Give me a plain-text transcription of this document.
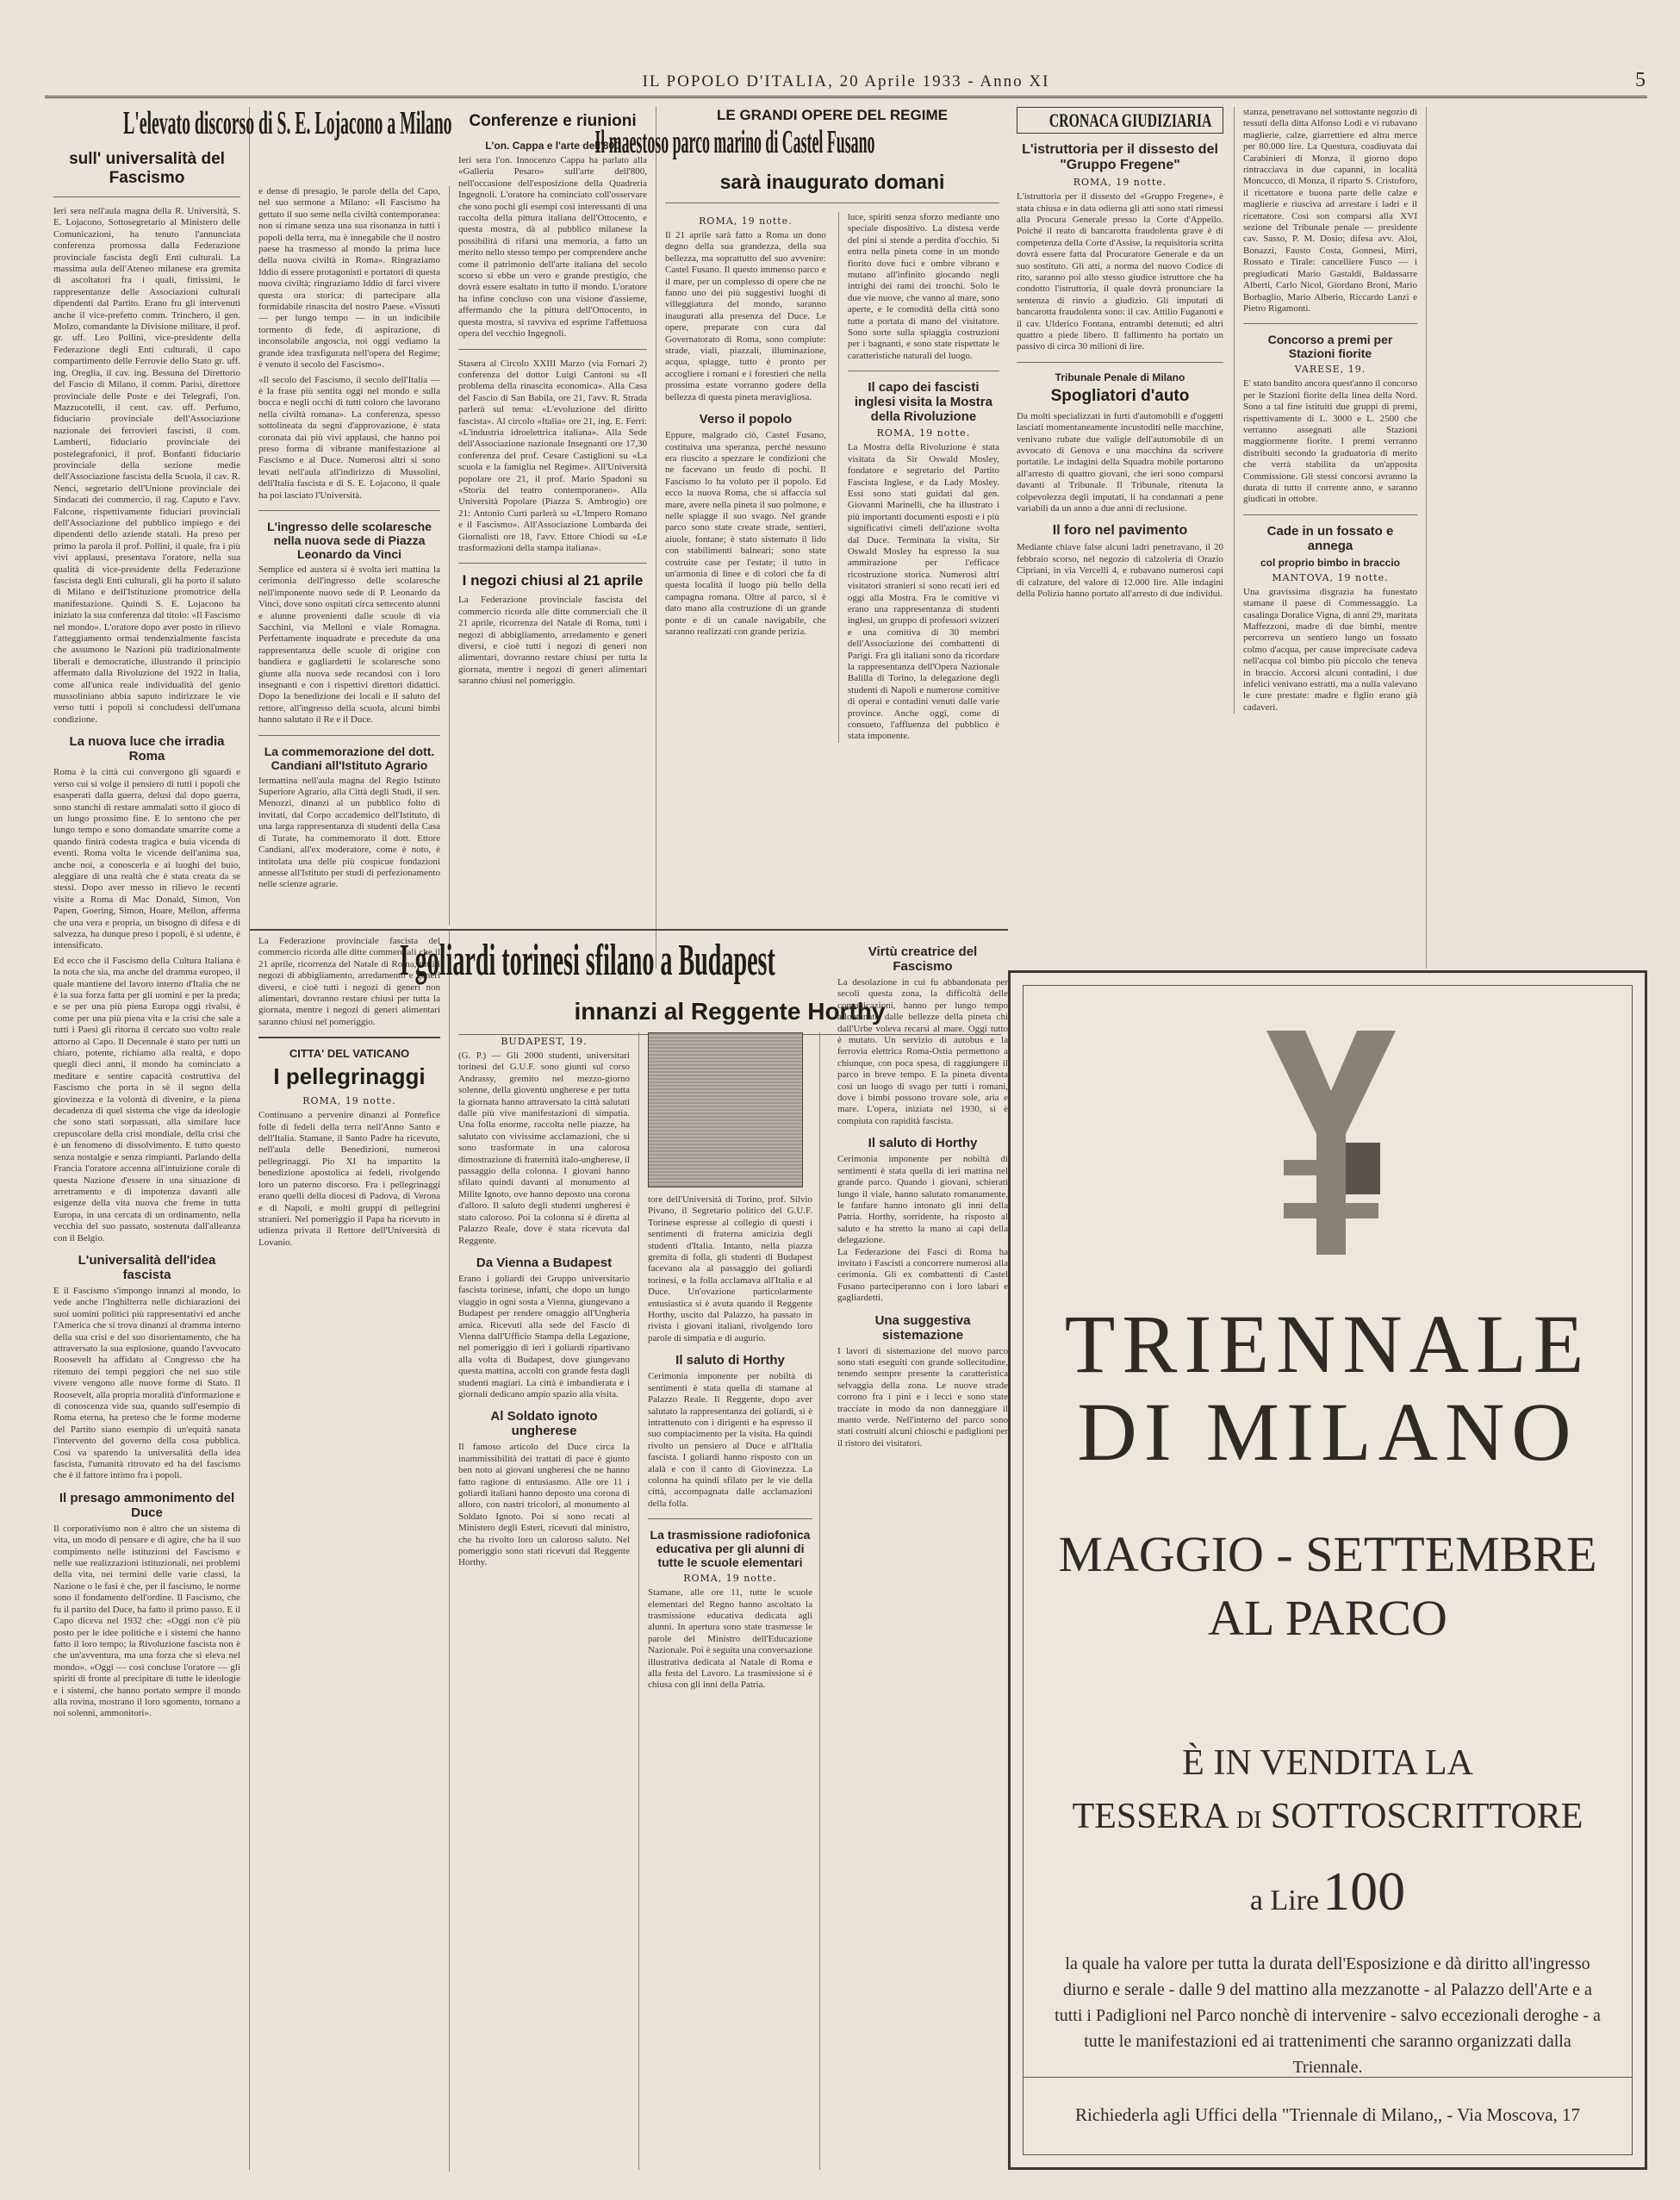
IL POPOLO D'ITALIA, 20 Aprile 1933 - Anno XI	5
L'elevato discorso di S. E. Lojacono a Milano
sull' universalità del Fascismo

Ieri sera nell'aula magna della R. Università, S. E. Lojacono, Sottosegretario al Ministero delle Comunicazioni, ha tenuto l'annunciata conferenza promossa dalla Federazione provinciale fascista degli Enti culturali. La massima aula dell'Ateneo milanese era gremita di ascoltatori fra i quali, fittissimi, le rappresentanze delle Associazioni culturali dipendenti dal Partito. Erano fra gli intervenuti anche il vice-prefetto comm. Trinchero, il gen. Molzo, comandante la Divisione militare, il prof. gr. uff. Leo Pollini, vice-presidente della Federazione degli Enti culturali, il capo compartimento delle Ferrovie dello Stato gr. uff. ing. Oreglia, il cav. ing. Bessuna del Direttorio del Fascio di Milano, il comm. Parisi, direttore provinciale delle Poste e dei Telegrafi, l'on. Mazzucotelli, il cent. cav. uff. Perfumo, fiduciario provinciale dell'Associazione nazionale dei ferrovieri fascisti, il com. Lamberti, fiduciario provinciale dei postelegrafonici, il prof. Bonfanti fiduciario provinciale della sezione medie dell'Associazione fascista della Scuola, il cav. R. Nenci, segretario dell'Unione provinciale dei Sindacati dei commercio, il rag. Caputo e l'avv. Falcone, rispettivamente fiduciari provinciali dell'Associazione del pubblico impiego e dei dipendenti dello aziende statali. Ha preso per primo la parola il prof. Pollini, il quale, fra i più vivi applausi, presentava l'oratore, nella sua qualità di vice-presidente della Federazione fascista degli Enti culturali, gli ha porto il saluto di Milano e dell'Istituzione promotrice della manifestazione. Quindi S. E. Lojacono ha iniziato la sua conferenza dal titolo: «Il Fascismo nel mondo». L'oratore dopo aver posto in rilievo l'atteggiamento ormai tendenzialmente fascista che assumono le Nazioni più tradizionalmente liberali e democratiche, illustrando il principio affermato dalla Rivoluzione del 1922 in Italia, come all'unica reale individualità del genio mussoliniano abbia saputo indirizzare le vie verso tutti i popoli si concludessi dell'umana condizione.

La nuova luce che irradia Roma

Roma è la città cui convergono gli sguardi e verso cui si volge il pensiero di tutti i popoli che esasperati dalla guerra, delusi dal dopo guerra, sono stanchi di restare ammalati sotto il gioco di un lungo prossimo fine. E lo sentono che per lungo tempo e sono domandate smarrite come a quando finirà codesta tragica e buia vicenda di eventi. Roma volta le vicende dell'anima sua, anche noi, a conoscerla e ai luoghi del buio, aleggiare di una realtà che è stata creata da se stessi. Dopo aver messo in rilievo le recenti visite a Roma di Mac Donald, Simon, Von Papen, Goering, Simon, Hoare, Mellon, afferma che una vera e propria, un bisogno di difesa e di salvezza, ha dunque preso i popoli, è sì udente, è intensificato.

Ed ecco che il Fascismo della Cultura Italiana è la nota che sia, ma anche del dramma europeo, il quale mantiene del lavoro interno d'Italia che ne è la sua forza fatta per gli uomini e per la preda; e se per una più piena Europa oggi rivalsi, è come per una più piena vita e la crisi che sale a tutti i Paesi gli ritorna il cercato suo volto reale attorno al Capo. Il Decennale è stato per tutti un chiaro, potente, richiamo alla realtà, e dopo quegli dieci anni, il mondo ha cominciato a meditare e sentire capacità costruttiva del Fascismo che porta in sè il segno della giovinezza e la volontà di divenire, e la piena decadenza di quel sistema che vige da ideologie che sono stati sorpassati, alla similare luce crepuscolare della crisi mondiale, della crisi che è un fenomeno di dissolvimento. E tutto questo senza nostalgie e senza rimpianti. Parlando della Francia l'oratore accenna all'intuizione corale di questa Nazione d'essere in una situazione di arretramento e di impotenza davanti alle esigenze della vita nuova che freme in tutta Europa, in una cercata di un ordinamento, nella vecchia del suo passato, sostenuta dall'alleanza con il Belgio.

L'universalità dell'idea fascista

E il Fascismo s'impongo innanzi al mondo, lo vede anche l'Inghilterra nelle dichiarazioni dei suoi uomini politici più rappresentativi ed anche l'America che si trova dinanzi al dramma interno della sua crisi e del suo disorientamento, che ha attraversato la sua esplosione, quando l'avvocato Roosevelt ha affidato al Congresso che ha ritenuto dei tempi peggiori che nel suo stile vivere vengono alle nuove forme di Stato. Il Roosevelt, alla propria moralità d'informazione e di conoscenza vide sua, quando sull'esempio di Roma eterna, ha preteso che le forme moderne del Partito siano esempio di un'equità sanata l'intervento del governo della cosa pubblica. Così va sparendo la universalità della idea fascista, l'umanità ritrovato ed ha del fascismo che è il fattore intimo fra i popoli.

Il presago ammonimento del Duce

Il corporativismo non è altro che un sistema di vita, un modo di pensare e di agire, che ha il suo compimento nelle istituzioni del Fascismo e nelle sue realizzazioni istituzionali, nei problemi della vita, nei termini delle varie classi, la Nazione o le fasi è che, per il fascismo, le norme sono il fondamento dell'ordine. Il Fascismo, che fu il partito del Duce, ha fatto il primo passo. E il Capo diceva nel 1932 che: «Oggi non c'è più posto per le idee politiche e i sistemi che hanno fatto il loro tempo; la Rivoluzione fascista non è che un'avventura, ma una forza che si eleva nel mondo». «Oggi — così concluse l'oratore — gli spiriti di fronte al precipitare di tutte le ideologie e i sistemi, che hanno portato sempre il mondo alla rovina, mostrano il loro sgomento, tornano a noi solenni, ammonitori».

e dense di presagio, le parole della del Capo, nel suo sermone a Milano: «Il Fascismo ha gettato il suo seme nella civiltà contemporanea: non si rimane senza una sua risonanza in tutti i popoli della terra, ma è innegabile che il nostro paese ha trasmesso al mondo la prima luce della nuova civiltà in Roma». Ringraziamo Iddio di essere protagonisti e portatori di questa nuova civiltà; ringraziamo Iddio di farci vivere questa ora storica: di partecipare alla formidabile rinascita del nostro Paese. «Vissuti — per lungo tempo — in un indicibile tormento di fede, di aspirazione, di inconsolabile angoscia, noi oggi vediamo la grande idea trasfigurata nell'opera del Regime; è venuto il secolo del Fascismo».

«Il secolo del Fascismo, il secolo dell'Italia — è la frase più sentita oggi nel mondo e sulla bocca e negli occhi di tutti coloro che lavorano nella civiltà romana». La conferenza, spesso sottolineata da segni d'approvazione, è stata coronata dai più vivi applausi, che hanno poi preso forma di vibrante manifestazione al Fascismo e al Duce. Numerosi altri si sono levati nell'aula all'indirizzo di Mussolini, dell'Italia fascista e di S. E. Lojacono, il quale ha poi lasciato l'Università.

L'ingresso delle scolaresche nella nuova sede di Piazza Leonardo da Vinci

Semplice ed austera si è svolta ieri mattina la cerimonia dell'ingresso delle scolaresche nell'imponente nuovo sede di P. Leonardo da Vinci, dove sono ospitati circa settecento alunni e alunne provenienti dalle scuole di via Sacchini, via Melloni e viale Romagna. Perfettamente inquadrate e precedute da una rappresentanza delle scuole di origine con bandiera e gagliardetti le scolaresche sono giunte alla nuova sede recandosi con i loro insegnanti e con i rispettivi direttori didattici. Dopo la benedizione dei locali e il saluto del rettore, all'ingresso della scuola, alcuni bimbi hanno salutato il Re e il Duce.

La commemorazione del dott. Candiani all'Istituto Agrario

Iermattina nell'aula magna del Regio Istituto Superiore Agrario, alla Città degli Studi, il sen. Menozzi, dinanzi al un pubblico folto di invitati, dal Corpo accademico dell'Istituto, di una larga rappresentanza di studenti della Casa di Turate, ha commemorato il dott. Ettore Candiani, all'ex moderatore, come è noto, è intitolata una delle più cospicue fondazioni annesse all'Istituto per studi di perfezionamento nelle scienze agrarie.

Conferenze e riunioni
L'on. Cappa e l'arte dell'800

Ieri sera l'on. Innocenzo Cappa ha parlato alla «Galleria Pesaro» sull'arte dell'800, nell'occasione dell'esposizione della Quadreria Ingegnoli. L'oratore ha cominciato coll'osservare che sono pochi gli esempi così interessanti di una raccolta della pittura italiana dell'Ottocento, e questa mostra, dà al pubblico milanese la possibilità di rifarsi una memoria, a fatto un merito nello stesso tempo per comprendere anche come il patrimonio dell'arte italiana del secolo scorso si ebbe un vero e grande prestigio, che dovrà essere esaltato in tutto il mondo. L'oratore ha infine concluso con una visione d'assieme, affermando che la pittura dell'Ottocento, in questa mostra, si ravviva ed esprime l'affettuosa opera del vecchio Ingegnoli.

Stasera al Circolo XXIII Marzo (via Fornari 2) conferenza del dottor Luigi Cantoni su «Il problema della rinascita economica». Alla Casa del Fascio di San Babila, ore 21, l'avv. R. Strada parlerà sul tema: «L'evoluzione del diritto fascista». Al circolo «Italia» ore 21, ing. E. Ferri: «L'industria idroelettrica italiana». Alla Sede dell'Associazione nazionale Insegnanti ore 17,30 conferenza del prof. Cesare Castiglioni su «La scuola e la famiglia nel Regime». All'Università popolare ore 21, il prof. Mario Spadoni su «Storia del teatro contemporaneo». Alla Università Popolare (Piazza S. Ambrogio) ore 21: Antonio Curti parlerà su «L'Impero Romano e il Fascismo». All'Associazione Lombarda dei Giornalisti ore 18, l'avv. Ettore Chiodi su «Le trasformazioni della stampa italiana».

I negozi chiusi al 21 aprile

La Federazione provinciale fascista del commercio ricorda alle ditte commerciali che il 21 aprile, ricorrenza del Natale di Roma, tutti i negozi di abbigliamento, arredamento e generi diversi, e cioè tutti i negozi di generi non alimentari, dovranno restare chiusi per tutta la giornata, mentre i negozi di generi alimentari saranno chiusi nel pomeriggio.

LE GRANDI OPERE DEL REGIME
Il maestoso parco marino di Castel Fusano
sarà inaugurato domani
ROMA, 19 notte.

Il 21 aprile sarà fatto a Roma un dono degno della sua grandezza, della sua bellezza, ma soprattutto del suo avvenire: Castel Fusano. Il questo immenso parco e il mare, per un complesso di opere che ne fanno uno dei più suggestivi luoghi di villeggiatura del mondo, saranno inaugurati alla presenza del Duce. Le opere, preparate con cura dal Governatorato di Roma, sono compiute: strade, viali, piazzali, illuminazione, acqua, spiagge, tutto è pronto per accogliere i romani e i forestieri che nella prossima estate vorranno godere della bellezza di questa pineta meravigliosa.

Verso il popolo

Eppure, malgrado ciò, Castel Fusano, costituiva una speranza, perché nessuno era riuscito a spezzare le condizioni che ne facevano un feudo di pochi. Il Fascismo lo ha voluto per il popolo. Ed ecco la nuova Roma, che si affaccia sul mare, avere nella pineta il suo polmone, e nelle spiagge il suo svago. Nel grande parco sono state create strade, sentieri, aiuole, fontane; è stato sistemato il lido con stabilimenti balneari; sono state costruite case per l'estate; il tutto in un'armonia di linee e di colori che fa di questa località il luogo più bello della campagna romana. Oltre al parco, si è dato mano alla costruzione di un grande ponte e di un canale navigabile, che saranno realizzati con grande perizia.

luce, spiriti senza sforzo mediante uno speciale dispositivo. La distesa verde del pini si stende a perdita d'occhio. Si entra nella pineta come in un mondo fiorito dove fuci e ombre vibrano e mutano all'infinito giocando negli intrighi dei rami dei tronchi. Solo le due vie nuove, che vanno al mare, sono aperte, e le comodità della città sono tutte a portata di mano del visitatore. Sono sorte sulla spiaggia costruzioni per i bagnanti, e sono state rispettate le caratteristiche naturali del luogo.

Il capo dei fascisti inglesi visita la Mostra della Rivoluzione
ROMA, 19 notte.

La Mostra della Rivoluzione è stata visitata da Sir Oswald Mosley, fondatore e segretario del Partito Fascista Inglese, e da Lady Mosley. Essi sono stati guidati dal gen. Giovanni Marinelli, che ha illustrato i più importanti documenti esposti e i più significativi cimeli dell'azione svolta dal Duce. Terminata la visita, Sir Oswald Mosley ha espresso la sua ammirazione per l'efficace ricostruzione storica. Numerosi altri visitatori stranieri si sono recati ieri ed oggi alla Mostra. Fra le comitive vi erano una rappresentanza di studenti inglesi, un gruppo di professori svizzeri e una comitiva di 30 membri dell'Associazione dei combattenti di Parigi. Fra gli italiani sono da ricordare la rappresentanza dell'Opera Nazionale Balilla di Torino, la delegazione degli studenti di Napoli e numerose comitive di operai e contadini venuti dalle varie province. Anche oggi, come di consueto, l'affluenza del pubblico è stata imponente.

CRONACA GIUDIZIARIA
L'istruttoria per il dissesto del "Gruppo Fregene"
ROMA, 19 notte.

L'istruttoria per il dissesto del «Gruppo Fregene», è stata chiusa e in data odierna gli atti sono stati rimessi alla Procura Generale presso la Corte d'Appello. Poiché il reato di bancarotta fraudolenta grave è di competenza della Corte d'Assise, la requisitoria scritta dovrà essere fatta dal Procuratore Generale e da un suo sostituto. Gli atti, a norma del nuovo Codice di rito, saranno poi allo stesso giudice istruttore che ha condotto l'istruttoria, il quale dovrà pronunciare la sentenza di rinvio a giudizio. Gli imputati di bancarotta fraudolenta sono: il cav. Attilio Fuganotti e il cav. Ulderico Fontana, entrambi detenuti; ed altri quattro a piede libero. Il fallimento ha portato un passivo di circa 30 milioni di lire.

Tribunale Penale di Milano
Spogliatori d'auto

Da molti specializzati in furti d'automobili e d'oggetti lasciati momentaneamente incustoditi nelle macchine, venivano rubate due valigie dell'automobile di un avvocato di Genova e una macchina da scrivere portatile. Le indagini della Squadra mobile portarono all'arresto di quattro giovani, che ieri sono comparsi davanti al Tribunale. Il Tribunale, ritenuta la colpevolezza degli imputati, li ha condannati a pene variabili da un anno a due anni di reclusione.

Il foro nel pavimento

Mediante chiave false alcuni ladri penetravano, il 20 febbraio scorso, nel negozio di calzoleria di Orazio Cipriani, in via Vercelli 4, e rubavano numerosi capi di calzature, del valore di 12.000 lire. Alle indagini della Polizia hanno portato all'arresto di due individui.

stanza, penetravano nel sottostante negozio di tessuti della ditta Alfonso Lodi e vi rubavano maglierie, calze, giarrettiere ed altra merce per 80.000 lire. La Questura, coadiuvata dai Carabinieri di Monza, il giorno dopo rintracciava in due capanni, in località Moncucco, di Monza, il riparto S. Cristoforo, il ricettatore e buona parte delle calze e maglierie e riusciva ad arrestare i ladri e il ricettatore. Così son comparsi alla XVI sezione del Tribunale penale — presidente cav. Sasso, P. M. Dosio; difesa avv. Aloi, Bonazzi, Fausto Costa, Gonnesi, Mirri, Rossato e Tirale: cancelliere Fusco — i pregiudicati Mario Gastaldi, Baldassarre Alberti, Carlo Nicol, Giordano Broni, Mario Borbaglio, Mario Alberio, Riccardo Lanzi e Pietro Rigamonti.

Concorso a premi per Stazioni fiorite
VARESE, 19.

E' stato bandito ancora quest'anno il concorso per le Stazioni fiorite della linea della Nord. Sono a tal fine istituiti due gruppi di premi, rispettivamente di L. 3000 e L. 2500 che verranno assegnati alle Stazioni maggiormente fiorite. I premi verranno distribuiti secondo la graduatoria di merito che verrà stabilita da un'apposita Commissione. Gli stessi concorsi avranno la durata di tutto il corrente anno, e saranno giudicati in ottobre.

Cade in un fossato e annega
col proprio bimbo in braccio
MANTOVA, 19 notte.

Una gravissima disgrazia ha funestato stamane il paese di Commessaggio. La casalinga Doralice Vigna, di anni 29, maritata Maffezzoni, madre di due bimbi, mentre percorreva un sentiero lungo un fossato colmo d'acqua, per cause imprecisate cadeva nell'acqua col bimbo più piccolo che teneva in braccio. Accorsi alcuni contadini, i due infelici venivano estratti, ma a nulla valevano le cure prestate: madre e figlio erano già cadaveri.

La Federazione provinciale fascista del commercio ricorda alle ditte commerciali che il 21 aprile, ricorrenza del Natale di Roma, tutti i negozi di abbigliamento, arredamento e generi diversi, e cioè tutti i negozi di generi non alimentari, dovranno restare chiusi per tutta la giornata, mentre i negozi di generi alimentari saranno chiusi nel pomeriggio.

CITTA' DEL VATICANO
I pellegrinaggi
ROMA, 19 notte.

Continuano a pervenire dinanzi al Pontefice folle di fedeli della terra nell'Anno Santo e dell'Italia. Stamane, il Santo Padre ha ricevuto, nell'aula delle Benedizioni, numerosi pellegrinaggi. Pio XI ha impartito la benedizione apostolica ai fedeli, rivolgendo loro un paterno discorso. Fra i pellegrinaggi erano quelli della diocesi di Padova, di Verona e di Napoli, e molti gruppi di pellegrini stranieri. Nel pomeriggio il Papa ha ricevuto in udienza privata il Rettore dell'Università di Lovanio.

I goliardi torinesi sfilano a Budapest
innanzi al Reggente Horthy
BUDAPEST, 19.

(G. P.) — Gli 2000 studenti, universitari torinesi del G.U.F. sono giunti sul corso Andrassy, gremito nel mezzo-giorno solenne, della gioventù ungherese e per tutta la giornata hanno attraversato la città salutati dalle più vive manifestazioni di simpatia. Una folla enorme, raccolta nelle piazze, ha salutato con vivissime acclamazioni, che si sono trasformate in una calorosa dimostrazione di fraternità italo-ungherese, il passaggio della colonna. I giovani hanno sfilato quindi davanti al monumento al Milite Ignoto, ove hanno deposto una corona d'alloro. Il saluto degli studenti ungheresi è stato caloroso. Poi la colonna si è diretta al Palazzo Reale, dove è stata ricevuta dal Reggente.

Da Vienna a Budapest

Erano i goliardi dei Gruppo universitario fascista torinese, infatti, che dopo un lungo viaggio in ogni sosta a Vienna, giungevano a Budapest per rendere omaggio all'Ungheria amica. Ricevuti alla sede del Fascio di Vienna dall'Ufficio Stampa della Legazione, nel pomeriggio di ieri i goliardi ripartivano alla volta di Budapest, dove giungevano questa mattina, accolti con grande festa dagli studenti magiari. La città è imbandierata e i giornali dedicano ampio spazio alla visita.

Al Soldato ignoto ungherese

Il famoso articolo del Duce circa la inammissibilità dei trattati di pace è giunto ben noto ai giovani ungheresi che ne hanno fatto ragione di entusiasmo. Alle ore 11 i goliardi italiani hanno deposto una corona di alloro, con nastri tricolori, al monumento al Soldato Ignoto. Poi si sono recati al Ministero degli Esteri, ricevuti dal ministro, che ha rivolto loro un caloroso saluto. Nel pomeriggio sono stati ricevuti dal Reggente Horthy.

tore dell'Università di Torino, prof. Silvio Pivano, il Segretario politico del G.U.F. Torinese espresse al collegio di questi i sentimenti di fraterna amicizia degli studenti d'Italia. Intanto, nella piazza gremita di folla, gli studenti di Budapest facevano ala al passaggio dei goliardi torinesi, e la folla acclamava all'Italia e al Duce. Un'ovazione particolarmente entusiastica si è avuta quando il Reggente Horthy, uscito dal Palazzo, ha passato in rivista i giovani italiani, rivolgendo loro parole di simpatia e di augurio.

Il saluto di Horthy

Cerimonia imponente per nobiltà di sentimenti è stata quella di stamane al Palazzo Reale. Il Reggente, dopo aver salutato la rappresentanza dei goliardi, si è intrattenuto con i dirigenti e ha espresso il suo compiacimento per la visita. Ha quindi rivolto un pensiero al Duce e all'Italia fascista. I goliardi hanno risposto con un alalà e con il canto di Giovinezza. La colonna ha quindi sfilato per le vie della città, accompagnata dalle acclamazioni della folla.

La trasmissione radiofonica educativa per gli alunni di tutte le scuole elementari
ROMA, 19 notte.

Stamane, alle ore 11, tutte le scuole elementari del Regno hanno ascoltato la trasmissione educativa dedicata agli alunni. In apertura sono state trasmesse le parole del Ministro dell'Educazione Nazionale. Poi è seguita una conversazione illustrativa dedicata al Natale di Roma e alla festa del Lavoro. La trasmissione si è chiusa con gli inni della Patria.

Virtù creatrice del Fascismo

La desolazione in cui fu abbandonata per secoli questa zona, la difficoltà delle comunicazioni, hanno per lungo tempo allontanato dalle bellezze della pineta chi dall'Urbe voleva recarsi al mare. Oggi tutto è mutato. Un servizio di autobus e la ferrovia elettrica Roma-Ostia permettono a chiunque, con poca spesa, di raggiungere il parco in breve tempo. E la pineta diventa così un luogo di svago per tutti i romani, dove i bimbi possono trovare sole, aria e mare. L'opera, iniziata nel 1930, si è compiuta con rapidità fascista.

Il saluto di Horthy

Cerimonia imponente per nobiltà di sentimenti è stata quella di ieri mattina nel grande parco. Quando i giovani, schierati lungo il viale, hanno salutato romanamente, le fanfare hanno intonato gli inni della Patria. Horthy, sorridente, ha risposto al saluto e ha stretto la mano ai capi della delegazione.

La Federazione dei Fasci di Roma ha invitato i Fascisti a concorrere numerosi alla cerimonia. Gli ex combattenti di Castel Fusano parteciperanno con i loro labari e gagliardetti.

Una suggestiva sistemazione

I lavori di sistemazione del nuovo parco sono stati eseguiti con grande sollecitudine, tenendo sempre presente la caratteristica selvaggia della zona. Le nuove strade corrono fra i pini e i lecci e sono state tracciate in modo da non danneggiare il manto verde. Nell'interno del parco sono stati costruiti alcuni chioschi e padiglioni per il ristoro dei visitatori.

TRIENNALE
DI MILANO
MAGGIO - SETTEMBRE
AL PARCO
È IN VENDITA LA
TESSERA DI SOTTOSCRITTORE
a Lire 100
la quale ha valore per tutta la durata dell'Esposizione e dà diritto all'ingresso diurno e serale - dalle 9 del mattino alla mezzanotte - al Palazzo dell'Arte e a tutti i Padiglioni nel Parco nonchè di intervenire - salvo eccezionali deroghe - a tutte le manifestazioni ed ai trattenimenti che saranno organizzati dalla Triennale.
Richiederla agli Uffici della "Triennale di Milano,, - Via Moscova, 17
